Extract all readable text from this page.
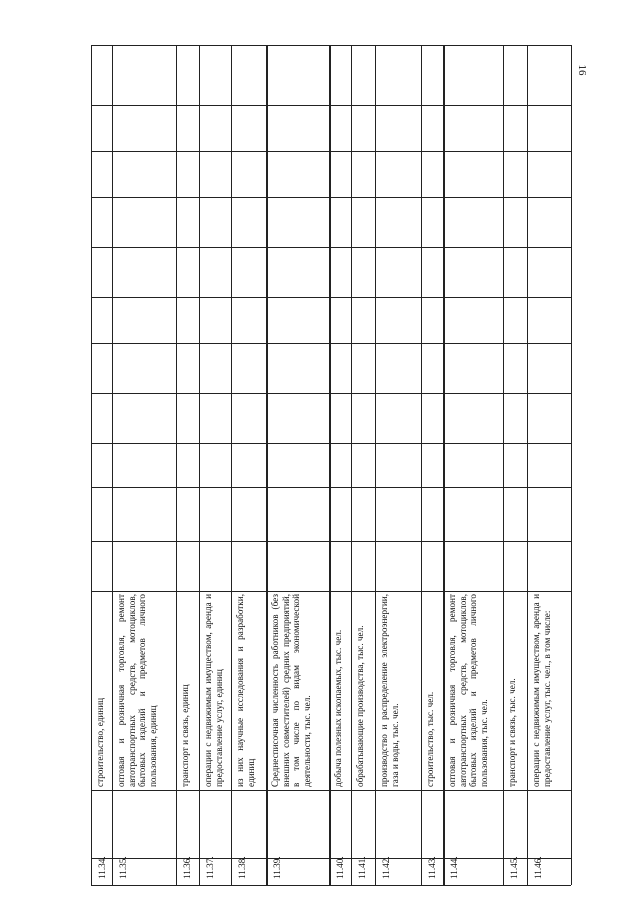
16
11.34.
строительство, единиц
11.35.
оптовая и розничная торговля, ремонт автотранспортных средств, мотоциклов, бытовых изделий и предметов личного пользования, единиц
11.36.
транспорт и связь, единиц
11.37.
операции с недвижимым имуществом, аренда и предоставление услуг, единиц
11.38.
из них научные исследования и разработки, единиц
11.39.
Среднесписочная численность работников (без внешних совместителей) средних предприятий, в том числе по видам экономической деятельности, тыс. чел.
11.40.
добыча полезных ископаемых, тыс. чел.
11.41.
обрабатывающие производства, тыс. чел.
11.42.
производство и распределение электроэнергии, газа и воды, тыс. чел.
11.43.
строительство, тыс. чел.
11.44.
оптовая и розничная торговля, ремонт автотранспортных средств, мотоциклов, бытовых изделий и предметов личного пользования, тыс. чел.
11.45.
транспорт и связь, тыс. чел.
11.46.
операции с недвижимым имуществом, аренда и предоставление услуг, тыс. чел., в том числе:
